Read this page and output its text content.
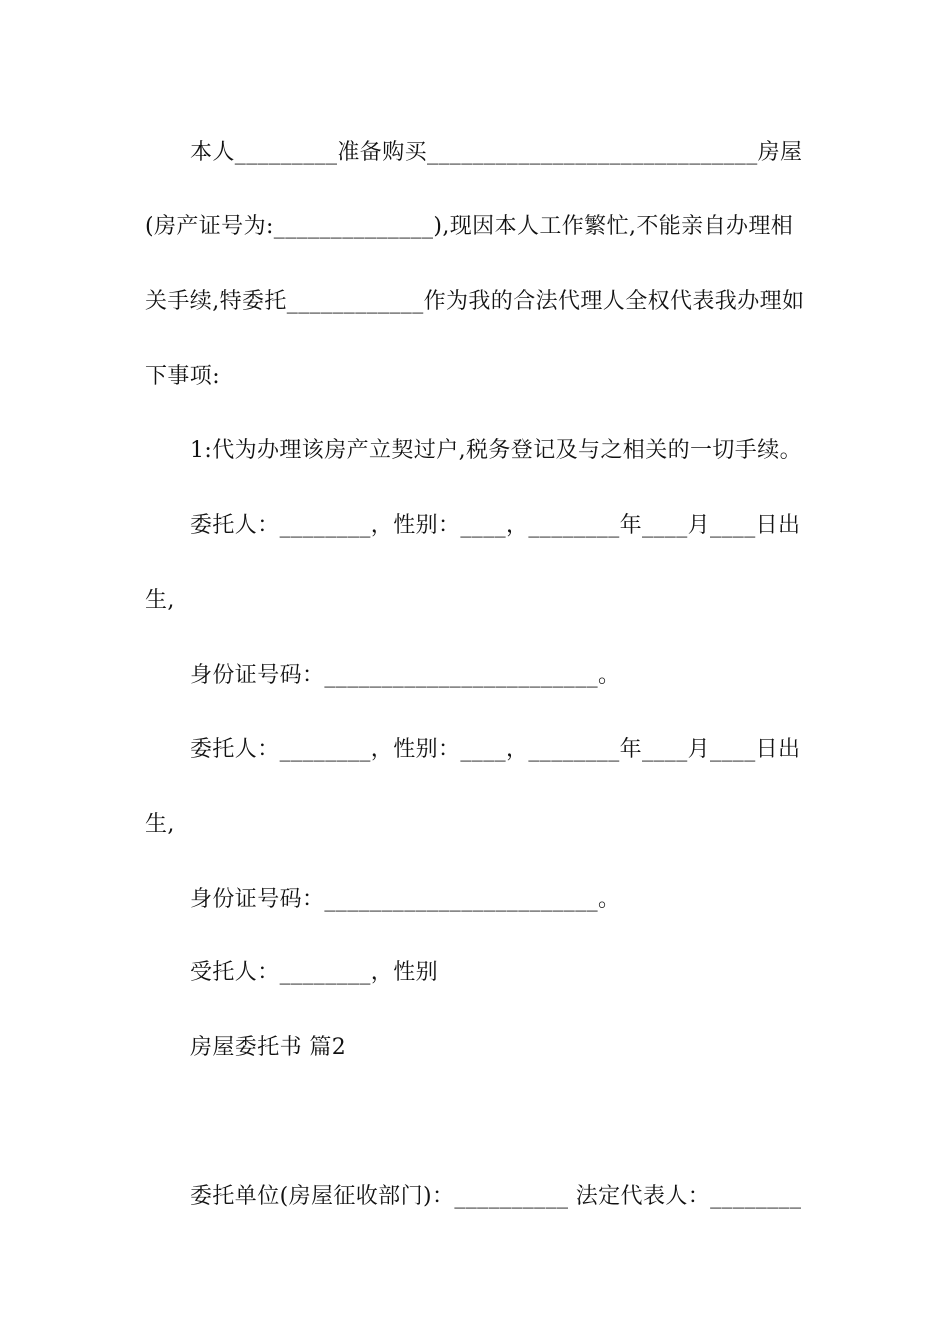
本人_________准备购买_____________________________房屋
(房产证号为:______________),现因本人工作繁忙,不能亲自办理相
关手续,特委托____________作为我的合法代理人全权代表我办理如
下事项:
1:代为办理该房产立契过户,税务登记及与之相关的一切手续。
委托人：________，性别：____，________年____月____日出
生,
身份证号码：________________________。
委托人：________，性别：____，________年____月____日出
生,
身份证号码：________________________。
受托人：________，性别
房屋委托书 篇2
委托单位(房屋征收部门)：__________ 法定代表人：________
